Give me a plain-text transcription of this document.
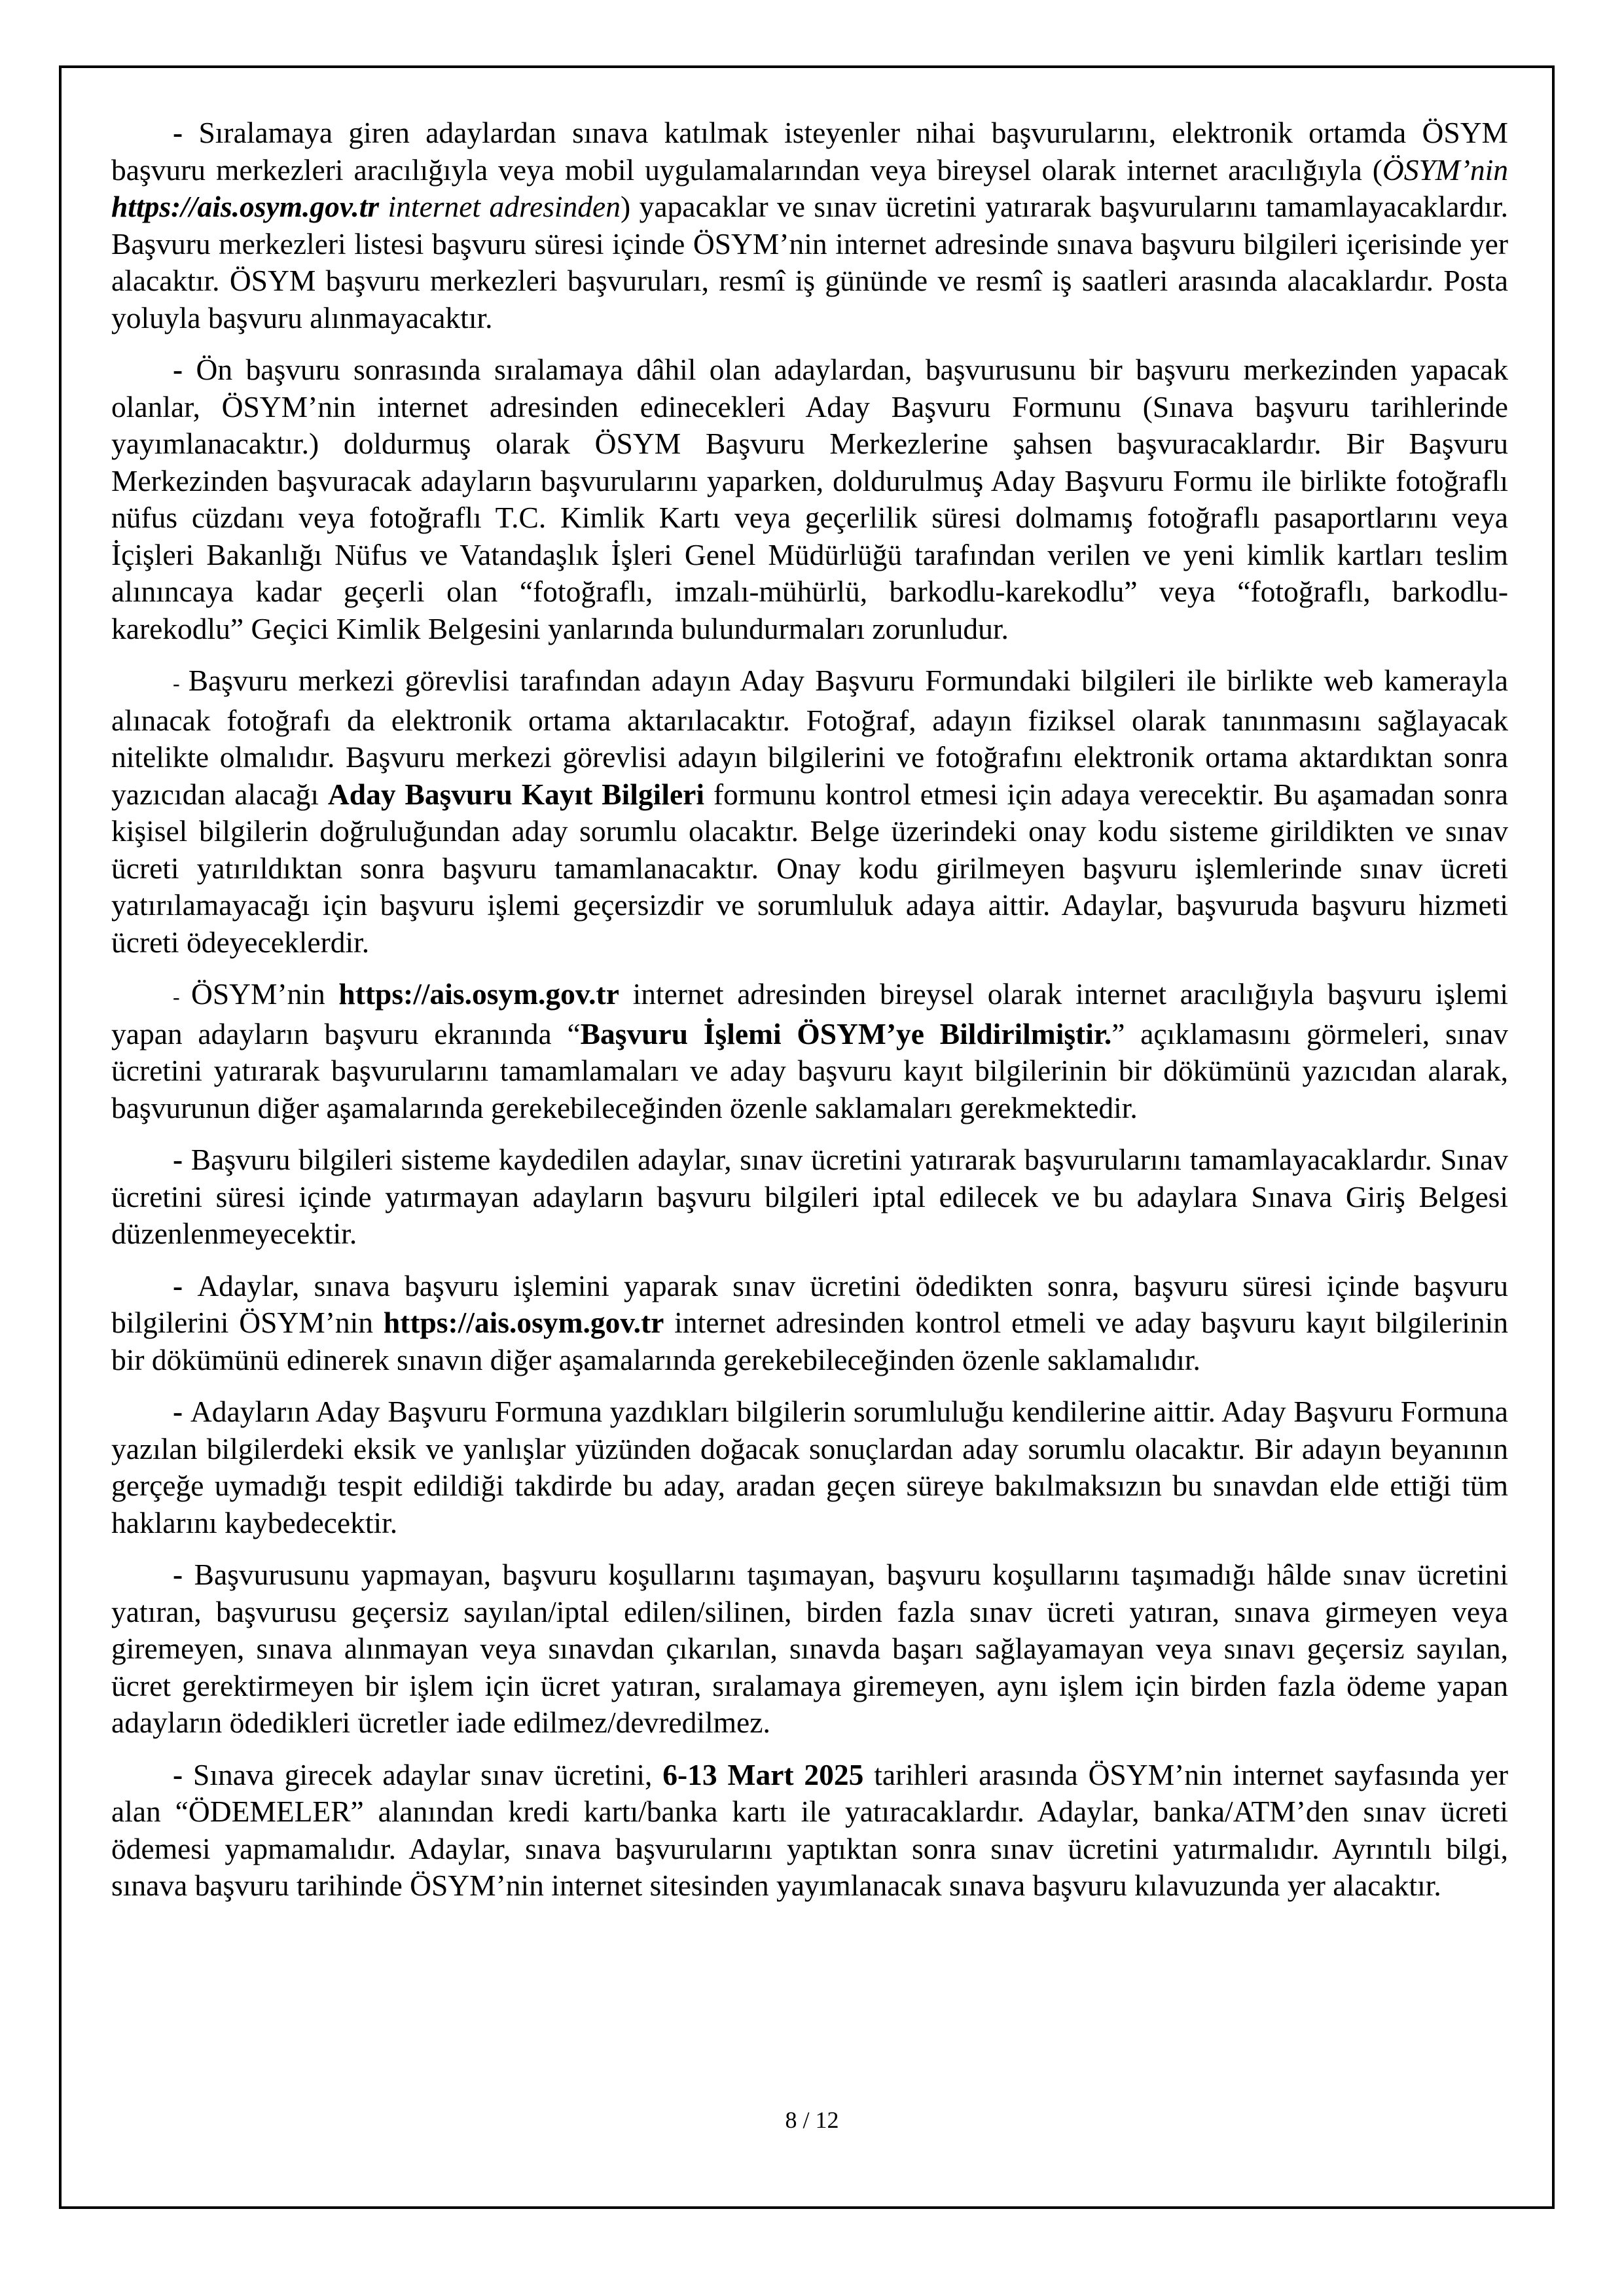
- Sıralamaya giren adaylardan sınava katılmak isteyenler nihai başvurularını, elektronik ortamda ÖSYM başvuru merkezleri aracılığıyla veya mobil uygulamalarından veya bireysel olarak internet aracılığıyla (ÖSYM’nin https://ais.osym.gov.tr internet adresinden) yapacaklar ve sınav ücretini yatırarak başvurularını tamamlayacaklardır. Başvuru merkezleri listesi başvuru süresi içinde ÖSYM’nin internet adresinde sınava başvuru bilgileri içerisinde yer alacaktır. ÖSYM başvuru merkezleri başvuruları, resmî iş gününde ve resmî iş saatleri arasında alacaklardır. Posta yoluyla başvuru alınmayacaktır.

- Ön başvuru sonrasında sıralamaya dâhil olan adaylardan, başvurusunu bir başvuru merkezinden yapacak olanlar, ÖSYM’nin internet adresinden edinecekleri Aday Başvuru Formunu (Sınava başvuru tarihlerinde yayımlanacaktır.) doldurmuş olarak ÖSYM Başvuru Merkezlerine şahsen başvuracaklardır. Bir Başvuru Merkezinden başvuracak adayların başvurularını yaparken, doldurulmuş Aday Başvuru Formu ile birlikte fotoğraflı nüfus cüzdanı veya fotoğraflı T.C. Kimlik Kartı veya geçerlilik süresi dolmamış fotoğraflı pasaportlarını veya İçişleri Bakanlığı Nüfus ve Vatandaşlık İşleri Genel Müdürlüğü tarafından verilen ve yeni kimlik kartları teslim alınıncaya kadar geçerli olan “fotoğraflı, imzalı-mühürlü, barkodlu-karekodlu” veya “fotoğraflı, barkodlu-karekodlu” Geçici Kimlik Belgesini yanlarında bulundurmaları zorunludur.

- Başvuru merkezi görevlisi tarafından adayın Aday Başvuru Formundaki bilgileri ile birlikte web kamerayla alınacak fotoğrafı da elektronik ortama aktarılacaktır. Fotoğraf, adayın fiziksel olarak tanınmasını sağlayacak nitelikte olmalıdır. Başvuru merkezi görevlisi adayın bilgilerini ve fotoğrafını elektronik ortama aktardıktan sonra yazıcıdan alacağı Aday Başvuru Kayıt Bilgileri formunu kontrol etmesi için adaya verecektir. Bu aşamadan sonra kişisel bilgilerin doğruluğundan aday sorumlu olacaktır. Belge üzerindeki onay kodu sisteme girildikten ve sınav ücreti yatırıldıktan sonra başvuru tamamlanacaktır. Onay kodu girilmeyen başvuru işlemlerinde sınav ücreti yatırılamayacağı için başvuru işlemi geçersizdir ve sorumluluk adaya aittir. Adaylar, başvuruda başvuru hizmeti ücreti ödeyeceklerdir.

- ÖSYM’nin https://ais.osym.gov.tr internet adresinden bireysel olarak internet aracılığıyla başvuru işlemi yapan adayların başvuru ekranında “Başvuru İşlemi ÖSYM’ye Bildirilmiştir.” açıklamasını görmeleri, sınav ücretini yatırarak başvurularını tamamlamaları ve aday başvuru kayıt bilgilerinin bir dökümünü yazıcıdan alarak, başvurunun diğer aşamalarında gerekebileceğinden özenle saklamaları gerekmektedir.

- Başvuru bilgileri sisteme kaydedilen adaylar, sınav ücretini yatırarak başvurularını tamamlayacaklardır. Sınav ücretini süresi içinde yatırmayan adayların başvuru bilgileri iptal edilecek ve bu adaylara Sınava Giriş Belgesi düzenlenmeyecektir.

- Adaylar, sınava başvuru işlemini yaparak sınav ücretini ödedikten sonra, başvuru süresi içinde başvuru bilgilerini ÖSYM’nin https://ais.osym.gov.tr internet adresinden kontrol etmeli ve aday başvuru kayıt bilgilerinin bir dökümünü edinerek sınavın diğer aşamalarında gerekebileceğinden özenle saklamalıdır.

- Adayların Aday Başvuru Formuna yazdıkları bilgilerin sorumluluğu kendilerine aittir. Aday Başvuru Formuna yazılan bilgilerdeki eksik ve yanlışlar yüzünden doğacak sonuçlardan aday sorumlu olacaktır. Bir adayın beyanının gerçeğe uymadığı tespit edildiği takdirde bu aday, aradan geçen süreye bakılmaksızın bu sınavdan elde ettiği tüm haklarını kaybedecektir.

- Başvurusunu yapmayan, başvuru koşullarını taşımayan, başvuru koşullarını taşımadığı hâlde sınav ücretini yatıran, başvurusu geçersiz sayılan/iptal edilen/silinen, birden fazla sınav ücreti yatıran, sınava girmeyen veya giremeyen, sınava alınmayan veya sınavdan çıkarılan, sınavda başarı sağlayamayan veya sınavı geçersiz sayılan, ücret gerektirmeyen bir işlem için ücret yatıran, sıralamaya giremeyen, aynı işlem için birden fazla ödeme yapan adayların ödedikleri ücretler iade edilmez/devredilmez.

- Sınava girecek adaylar sınav ücretini, 6-13 Mart 2025 tarihleri arasında ÖSYM’nin internet sayfasında yer alan “ÖDEMELER” alanından kredi kartı/banka kartı ile yatıracaklardır. Adaylar, banka/ATM’den sınav ücreti ödemesi yapmamalıdır. Adaylar, sınava başvurularını yaptıktan sonra sınav ücretini yatırmalıdır. Ayrıntılı bilgi, sınava başvuru tarihinde ÖSYM’nin internet sitesinden yayımlanacak sınava başvuru kılavuzunda yer alacaktır.

8 / 12
